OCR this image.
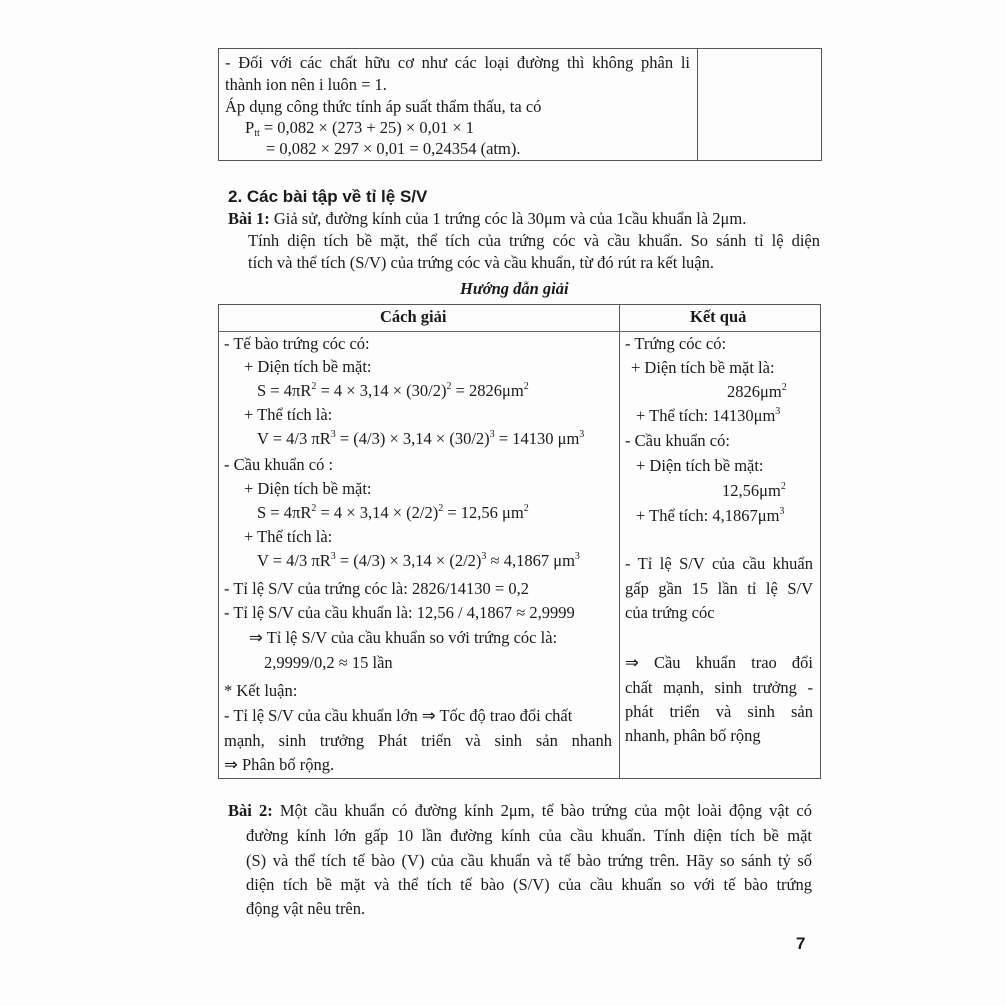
- Đối với các chất hữu cơ như các loại đường thì không phân li
thành ion nên i luôn = 1.
Áp dụng công thức tính áp suất thẩm thấu, ta có
$P_{tt} = 0,082 \times (273 + 25) \times 0,01 \times 1$
= 0,082 × 297 × 0,01 = 0,24354 (atm).
2. Các bài tập về tỉ lệ S/V
Bài 1: Giả sử, đường kính của 1 trứng cóc là 30μm và của 1cầu khuẩn là 2μm.
Tính diện tích bề mặt, thể tích của trứng cóc và cầu khuẩn. So sánh tỉ lệ diện
tích và thể tích (S/V) của trứng cóc và cầu khuẩn, từ đó rút ra kết luận.
Hướng dẫn giải
Cách giải	Kết quả
- Tế bào trứng cóc có:
+ Diện tích bề mặt:
$S = 4\pi R^2 = 4 \times 3,14 \times (30/2)^2 = 2826\mu m^2$
+ Thể tích là:
V = 4/3 $\pi R^3 = (4/3) \times 3,14 \times (30/2)^3 = 14130$ $\mu m^3$
- Cầu khuẩn có :
+ Diện tích bề mặt:
$S = 4\pi R^2 = 4 \times 3,14 \times (2/2)^2 = 12,56$ $\mu m^2$
+ Thể tích là:
V = 4/3 $\pi R^3 = (4/3) \times 3,14 \times (2/2)^3 \approx 4,1867$ $\mu m^3$
- Tỉ lệ S/V của trứng cóc là: 2826/14130 = 0,2
- Tỉ lệ S/V của cầu khuẩn là: 12,56 / 4,1867 ≈ 2,9999
⇒ Tỉ lệ S/V của cầu khuẩn so với trứng cóc là:
2,9999/0,2 ≈ 15 lần
* Kết luận:
- Tỉ lệ S/V của cầu khuẩn lớn ⇒ Tốc độ trao đổi chất
mạnh, sinh trưởng Phát triển và sinh sản nhanh
⇒ Phân bố rộng.
- Trứng cóc có:
+ Diện tích bề mặt là:
$2826\mu m^2$
+ Thể tích: $14130\mu m^3$
- Cầu khuẩn có:
+ Diện tích bề mặt:
$12,56\mu m^2$
+ Thể tích: $4,1867\mu m^3$
- Tỉ lệ S/V của cầu khuẩn
gấp gần 15 lần tỉ lệ S/V
của trứng cóc
⇒ Cầu khuẩn trao đổi
chất mạnh, sinh trưởng -
phát triển và sinh sản
nhanh, phân bố rộng
Bài 2: Một cầu khuẩn có đường kính 2μm, tế bào trứng của một loài động vật có
đường kính lớn gấp 10 lần đường kính của cầu khuẩn. Tính diện tích bề mặt
(S) và thể tích tế bào (V) của cầu khuẩn và tế bào trứng trên. Hãy so sánh tỷ số
diện tích bề mặt và thể tích tế bào (S/V) của cầu khuẩn so với tế bào trứng
động vật nêu trên.
7
